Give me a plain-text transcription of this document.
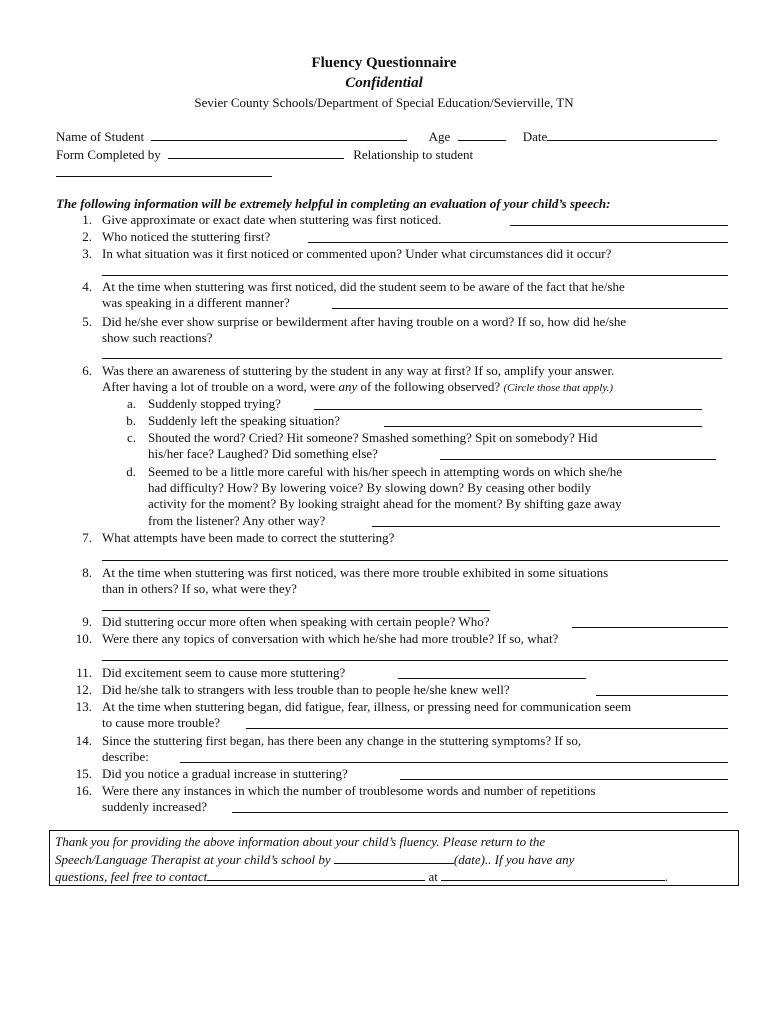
Fluency Questionnaire
Confidential
Sevier County Schools/Department of Special Education/Sevierville, TN
Name of Student	Age	Date
Form Completed by	Relationship to student
The following information will be extremely helpful in completing an evaluation of your child’s speech:
1. Give approximate or exact date when stuttering was first noticed.
2. Who noticed the stuttering first?
3. In what situation was it first noticed or commented upon? Under what circumstances did it occur?
4. At the time when stuttering was first noticed, did the student seem to be aware of the fact that he/she
was speaking in a different manner?
5. Did he/she ever show surprise or bewilderment after having trouble on a word? If so, how did he/she
show such reactions?
6. Was there an awareness of stuttering by the student in any way at first? If so, amplify your answer.
After having a lot of trouble on a word, were any of the following observed? (Circle those that apply.)
a. Suddenly stopped trying?
b. Suddenly left the speaking situation?
c. Shouted the word? Cried? Hit someone? Smashed something? Spit on somebody? Hid
his/her face? Laughed? Did something else?
d. Seemed to be a little more careful with his/her speech in attempting words on which she/he
had difficulty? How? By lowering voice? By slowing down? By ceasing other bodily
activity for the moment? By looking straight ahead for the moment? By shifting gaze away
from the listener? Any other way?
7. What attempts have been made to correct the stuttering?
8. At the time when stuttering was first noticed, was there more trouble exhibited in some situations
than in others? If so, what were they?
9. Did stuttering occur more often when speaking with certain people? Who?
10. Were there any topics of conversation with which he/she had more trouble? If so, what?
11. Did excitement seem to cause more stuttering?
12. Did he/she talk to strangers with less trouble than to people he/she knew well?
13. At the time when stuttering began, did fatigue, fear, illness, or pressing need for communication seem
to cause more trouble?
14. Since the stuttering first began, has there been any change in the stuttering symptoms? If so,
describe:
15. Did you notice a gradual increase in stuttering?
16. Were there any instances in which the number of troublesome words and number of repetitions
suddenly increased?
Thank you for providing the above information about your child’s fluency. Please return to the
Speech/Language Therapist at your child’s school by	(date).. If you have any
questions, feel free to contact	at	.
